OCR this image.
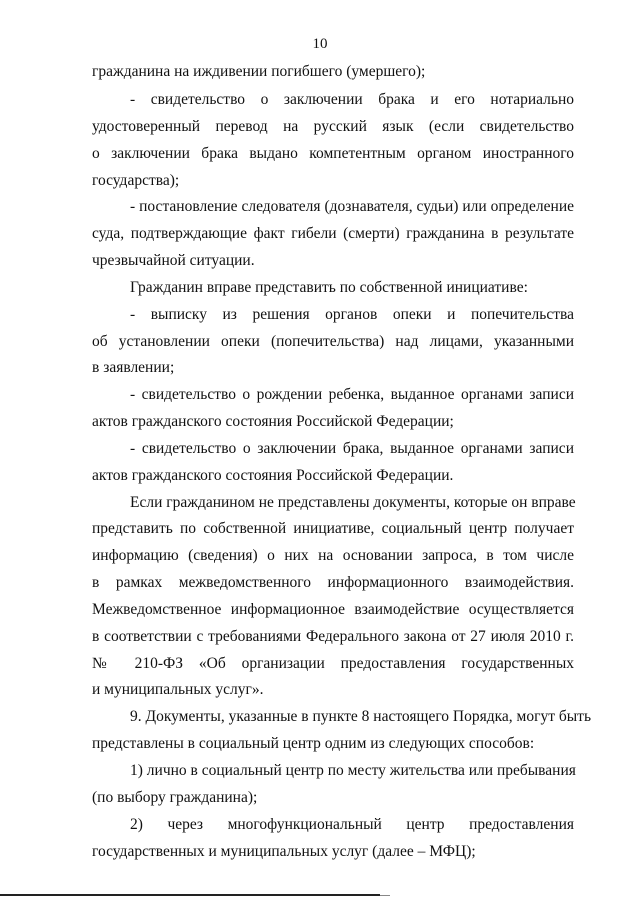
10
гражданина на иждивении погибшего (умершего);
- свидетельство о заключении брака и его нотариально
удостоверенный перевод на русский язык (если свидетельство
о заключении брака выдано компетентным органом иностранного
государства);
- постановление следователя (дознавателя, судьи) или определение
суда, подтверждающие факт гибели (смерти) гражданина в результате
чрезвычайной ситуации.
Гражданин вправе представить по собственной инициативе:
- выписку из решения органов опеки и попечительства
об установлении опеки (попечительства) над лицами, указанными
в заявлении;
- свидетельство о рождении ребенка, выданное органами записи
актов гражданского состояния Российской Федерации;
- свидетельство о заключении брака, выданное органами записи
актов гражданского состояния Российской Федерации.
Если гражданином не представлены документы, которые он вправе
представить по собственной инициативе, социальный центр получает
информацию (сведения) о них на основании запроса, в том числе
в рамках межведомственного информационного взаимодействия.
Межведомственное информационное взаимодействие осуществляется
в соответствии с требованиями Федерального закона от 27 июля 2010 г.
№ 210-ФЗ «Об организации предоставления государственных
и муниципальных услуг».
9. Документы, указанные в пункте 8 настоящего Порядка, могут быть
представлены в социальный центр одним из следующих способов:
1) лично в социальный центр по месту жительства или пребывания
(по выбору гражданина);
2) через многофункциональный центр предоставления
государственных и муниципальных услуг (далее – МФЦ);
